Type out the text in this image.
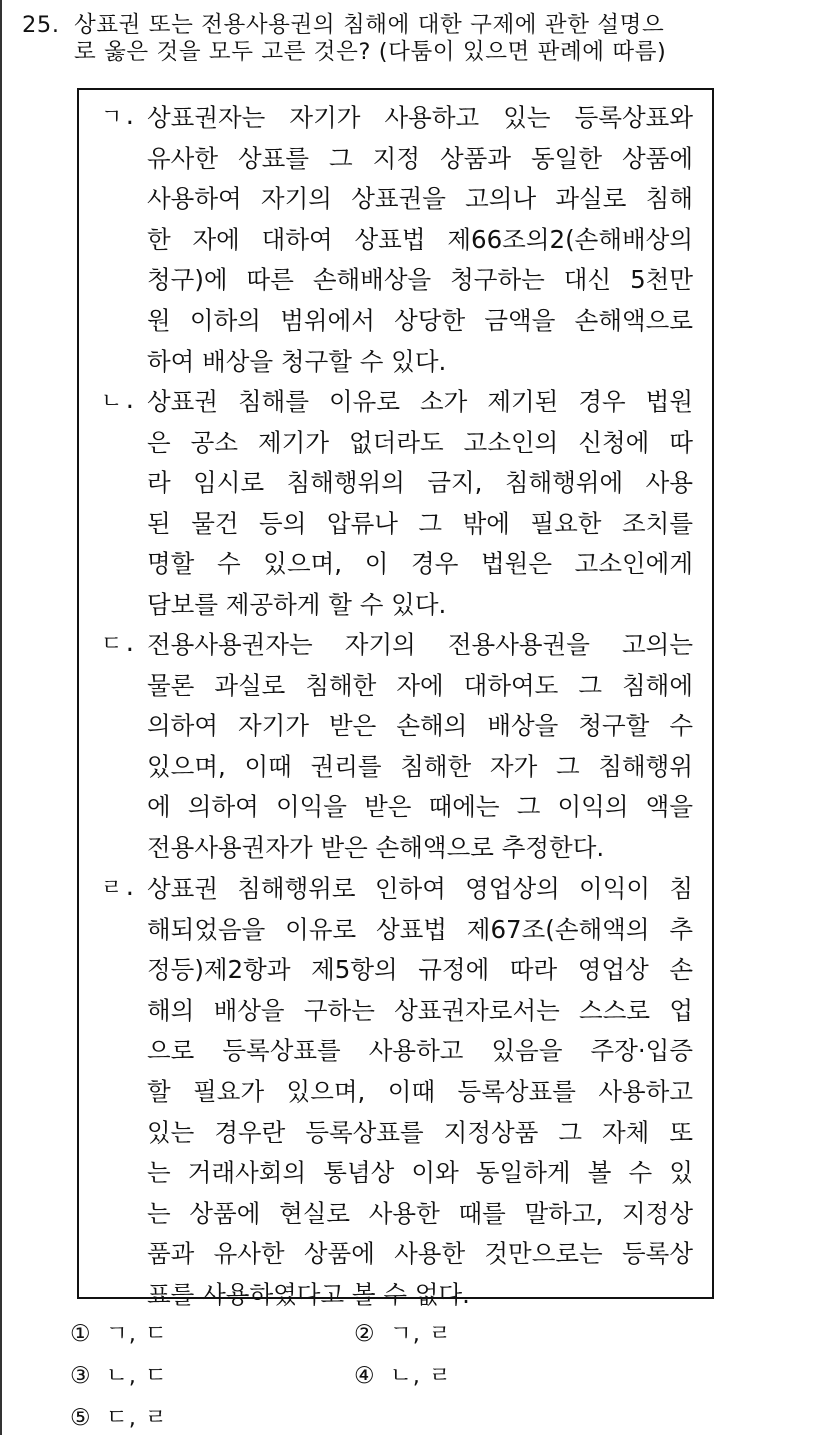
25. 상표권 또는 전용사용권의 침해에 대한 구제에 관한 설명으
로 옳은 것을 모두 고른 것은? (다툼이 있으면 판례에 따름)
ㄱ. 상표권자는 자기가 사용하고 있는 등록상표와
유사한 상표를 그 지정 상품과 동일한 상품에
사용하여 자기의 상표권을 고의나 과실로 침해
한 자에 대하여 상표법 제66조의2(손해배상의
청구)에 따른 손해배상을 청구하는 대신 5천만
원 이하의 범위에서 상당한 금액을 손해액으로
하여 배상을 청구할 수 있다.
ㄴ. 상표권 침해를 이유로 소가 제기된 경우 법원
은 공소 제기가 없더라도 고소인의 신청에 따
라 임시로 침해행위의 금지, 침해행위에 사용
된 물건 등의 압류나 그 밖에 필요한 조치를
명할 수 있으며, 이 경우 법원은 고소인에게
담보를 제공하게 할 수 있다.
ㄷ. 전용사용권자는 자기의 전용사용권을 고의는
물론 과실로 침해한 자에 대하여도 그 침해에
의하여 자기가 받은 손해의 배상을 청구할 수
있으며, 이때 권리를 침해한 자가 그 침해행위
에 의하여 이익을 받은 때에는 그 이익의 액을
전용사용권자가 받은 손해액으로 추정한다.
ㄹ. 상표권 침해행위로 인하여 영업상의 이익이 침
해되었음을 이유로 상표법 제67조(손해액의 추
정등)제2항과 제5항의 규정에 따라 영업상 손
해의 배상을 구하는 상표권자로서는 스스로 업
으로 등록상표를 사용하고 있음을 주장·입증
할 필요가 있으며, 이때 등록상표를 사용하고
있는 경우란 등록상표를 지정상품 그 자체 또
는 거래사회의 통념상 이와 동일하게 볼 수 있
는 상품에 현실로 사용한 때를 말하고, 지정상
품과 유사한 상품에 사용한 것만으로는 등록상
표를 사용하였다고 볼 수 없다.
① ㄱ, ㄷ	② ㄱ, ㄹ
③ ㄴ, ㄷ	④ ㄴ, ㄹ
⑤ ㄷ, ㄹ
